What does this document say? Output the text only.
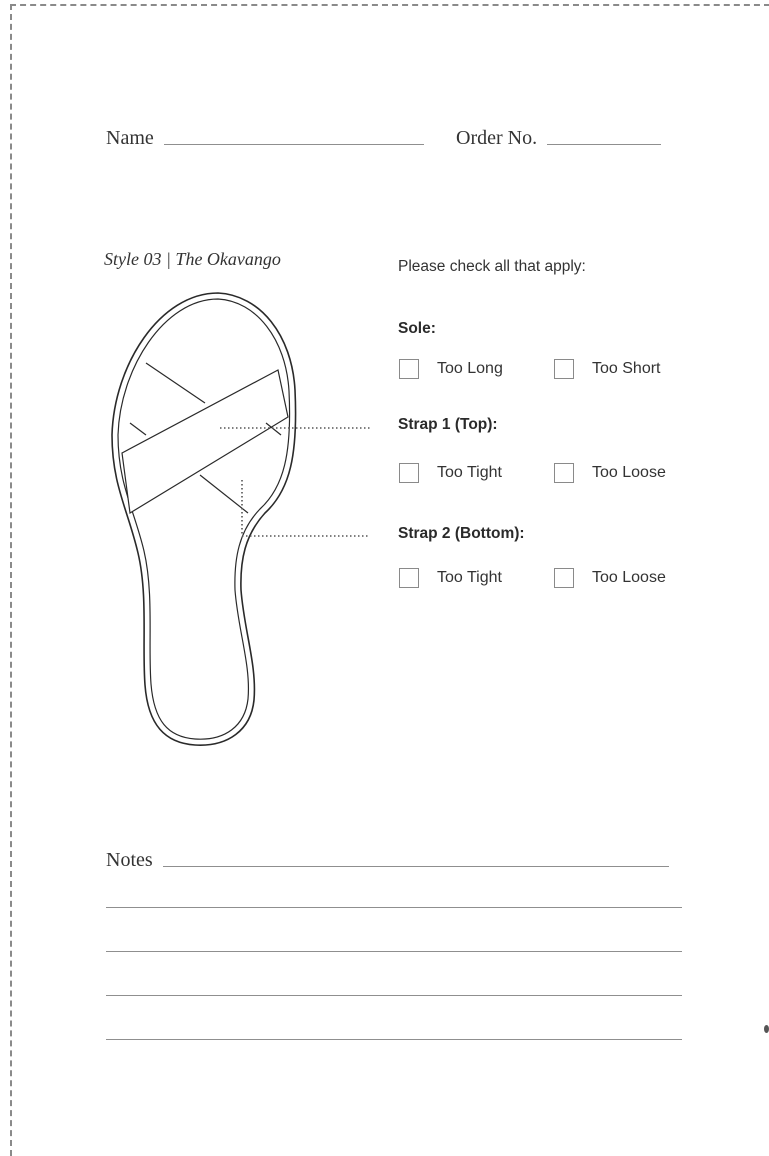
Name	Order No.
Style 03 | The Okavango	Please check all that apply:
Sole:
Too Long	Too Short
Strap 1 (Top):
Too Tight	Too Loose
Strap 2 (Bottom):
Too Tight	Too Loose
Notes
